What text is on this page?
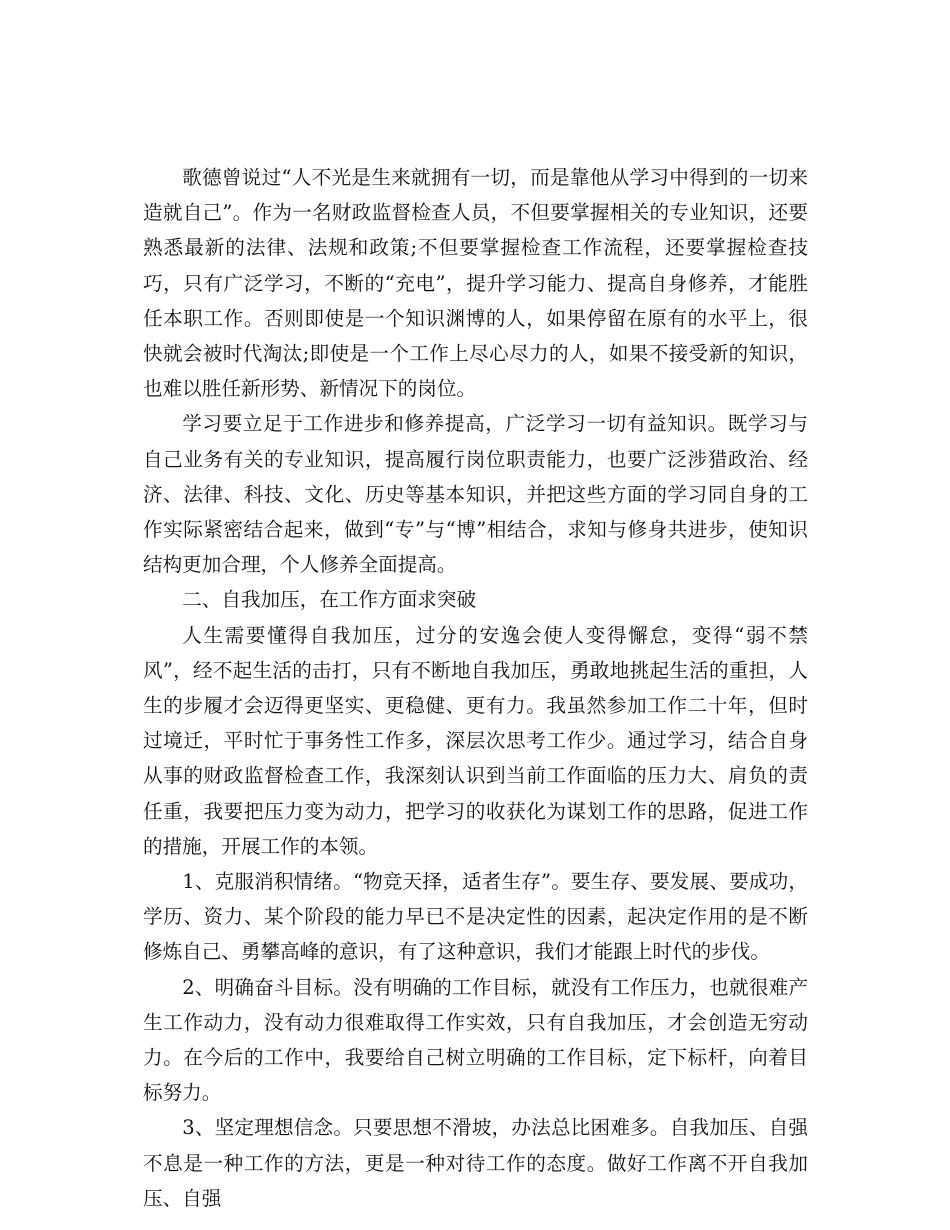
歌德曾说过“人不光是生来就拥有一切，而是靠他从学习中得到的一切来造就自己”。作为一名财政监督检查人员，不但要掌握相关的专业知识，还要熟悉最新的法律、法规和政策;不但要掌握检查工作流程，还要掌握检查技巧，只有广泛学习，不断的“充电”，提升学习能力、提高自身修养，才能胜任本职工作。否则即使是一个知识渊博的人，如果停留在原有的水平上，很快就会被时代淘汰;即使是一个工作上尽心尽力的人，如果不接受新的知识，也难以胜任新形势、新情况下的岗位。

学习要立足于工作进步和修养提高，广泛学习一切有益知识。既学习与自己业务有关的专业知识，提高履行岗位职责能力，也要广泛涉猎政治、经济、法律、科技、文化、历史等基本知识，并把这些方面的学习同自身的工作实际紧密结合起来，做到“专”与“博”相结合，求知与修身共进步，使知识结构更加合理，个人修养全面提高。

二、自我加压，在工作方面求突破

人生需要懂得自我加压，过分的安逸会使人变得懈怠，变得“弱不禁风”，经不起生活的击打，只有不断地自我加压，勇敢地挑起生活的重担，人生的步履才会迈得更坚实、更稳健、更有力。我虽然参加工作二十年，但时过境迁，平时忙于事务性工作多，深层次思考工作少。通过学习，结合自身从事的财政监督检查工作，我深刻认识到当前工作面临的压力大、肩负的责任重，我要把压力变为动力，把学习的收获化为谋划工作的思路，促进工作的措施，开展工作的本领。

1、克服消积情绪。“物竞天择，适者生存”。要生存、要发展、要成功，学历、资力、某个阶段的能力早已不是决定性的因素，起决定作用的是不断修炼自己、勇攀高峰的意识，有了这种意识，我们才能跟上时代的步伐。

2、明确奋斗目标。没有明确的工作目标，就没有工作压力，也就很难产生工作动力，没有动力很难取得工作实效，只有自我加压，才会创造无穷动力。在今后的工作中，我要给自己树立明确的工作目标，定下标杆，向着目标努力。

3、坚定理想信念。只要思想不滑坡，办法总比困难多。自我加压、自强不息是一种工作的方法，更是一种对待工作的态度。做好工作离不开自我加压、自强
